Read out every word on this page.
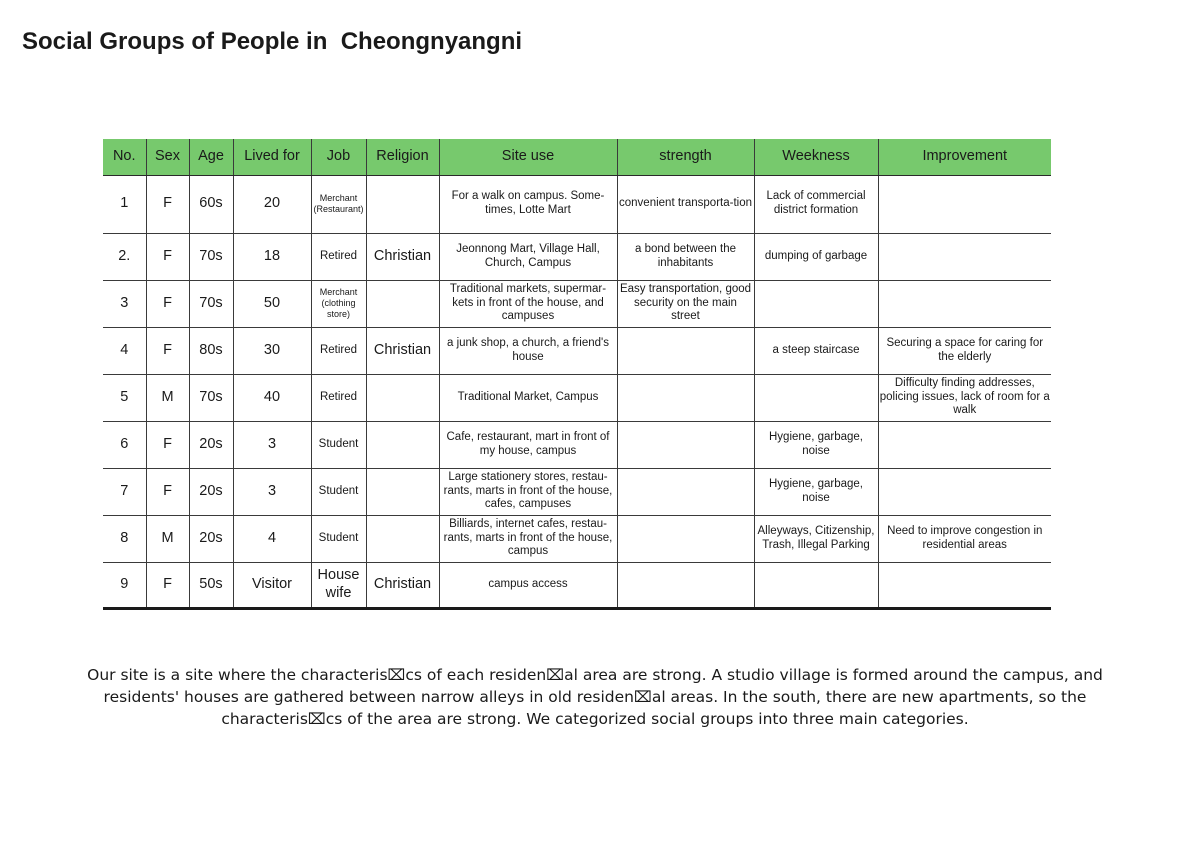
Social Groups of People in  Cheongnyangni
No.	Sex	Age	Lived for	Job	Religion	Site use	strength	Weekness	Improvement
1	F	60s	20	Merchant (Restaurant)		For a walk on campus. Some-times, Lotte Mart	convenient transporta-tion	Lack of commercial district formation	
2.	F	70s	18	Retired	Christian	Jeonnong Mart, Village Hall, Church, Campus	a bond between the inhabitants	dumping of garbage	
3	F	70s	50	Merchant (clothing store)		Traditional markets, supermar-kets in front of the house, and campuses	Easy transportation, good security on the main street		
4	F	80s	30	Retired	Christian	a junk shop, a church, a friend's house		a steep staircase	Securing a space for caring for the elderly
5	M	70s	40	Retired		Traditional Market, Campus			Difficulty finding addresses, policing issues, lack of room for a walk
6	F	20s	3	Student		Cafe, restaurant, mart in front of my house, campus		Hygiene, garbage, noise	
7	F	20s	3	Student		Large stationery stores, restau-rants, marts in front of the house, cafes, campuses		Hygiene, garbage, noise	
8	M	20s	4	Student		Billiards, internet cafes, restau-rants, marts in front of the house, campus		Alleyways, Citizenship, Trash, Illegal Parking	Need to improve congestion in residential areas
9	F	50s	Visitor	House wife	Christian	campus access			
Our site is a site where the characteris⌧cs of each residen⌧al area are strong. A studio village is formed around the campus, and residents' houses are gathered between narrow alleys in old residen⌧al areas. In the south, there are new apartments, so the characteris⌧cs of the area are strong. We categorized social groups into three main categories.
